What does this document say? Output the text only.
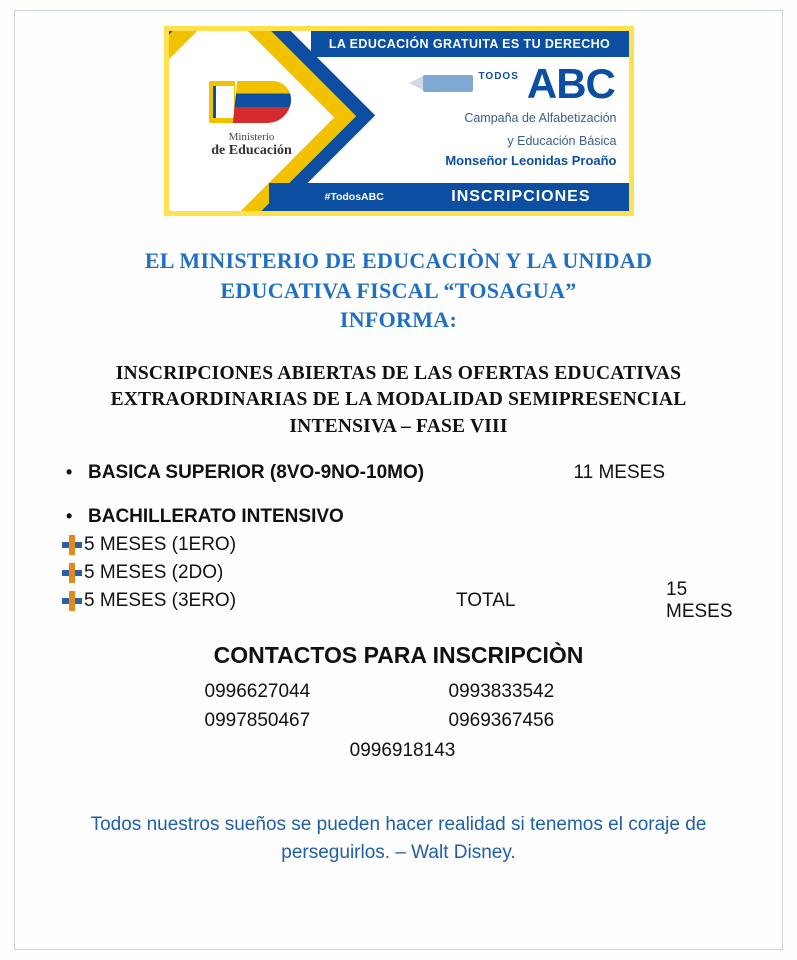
LA EDUCACIÓN GRATUITA ES TU DERECHO
Ministerio
de Educación
TODOS ABC
Campaña de Alfabetización
y Educación Básica
Monseñor Leonidas Proaño
#TodosABC	INSCRIPCIONES
EL MINISTERIO DE EDUCACIÒN Y LA UNIDAD
EDUCATIVA FISCAL “TOSAGUA”
INFORMA:
INSCRIPCIONES ABIERTAS DE LAS OFERTAS EDUCATIVAS
EXTRAORDINARIAS DE LA MODALIDAD SEMIPRESENCIAL
INTENSIVA – FASE VIII
• BASICA SUPERIOR (8VO-9NO-10MO)	11 MESES
• BACHILLERATO INTENSIVO
5 MESES (1ERO)
5 MESES (2DO)
5 MESES (3ERO)	TOTAL
15 MESES
CONTACTOS PARA INSCRIPCIÒN
0996627044	0993833542
0997850467	0969367456
0996918143
Todos nuestros sueños se pueden hacer realidad si tenemos el coraje de
perseguirlos. – Walt Disney.
